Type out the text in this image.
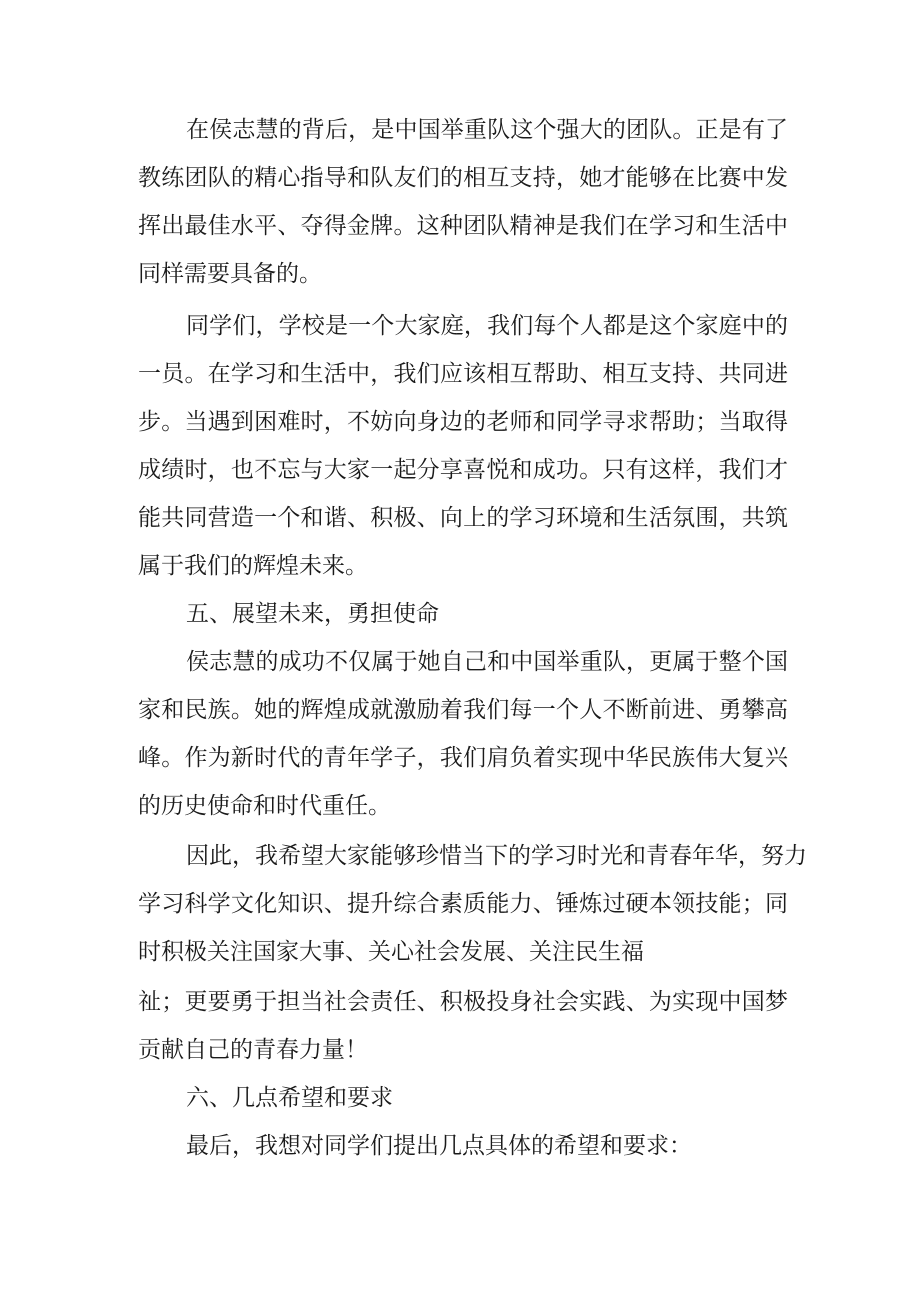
在侯志慧的背后，是中国举重队这个强大的团队。正是有了
教练团队的精心指导和队友们的相互支持，她才能够在比赛中发
挥出最佳水平、夺得金牌。这种团队精神是我们在学习和生活中
同样需要具备的。
同学们，学校是一个大家庭，我们每个人都是这个家庭中的
一员。在学习和生活中，我们应该相互帮助、相互支持、共同进
步。当遇到困难时，不妨向身边的老师和同学寻求帮助；当取得
成绩时，也不忘与大家一起分享喜悦和成功。只有这样，我们才
能共同营造一个和谐、积极、向上的学习环境和生活氛围，共筑
属于我们的辉煌未来。
五、展望未来，勇担使命
侯志慧的成功不仅属于她自己和中国举重队，更属于整个国
家和民族。她的辉煌成就激励着我们每一个人不断前进、勇攀高
峰。作为新时代的青年学子，我们肩负着实现中华民族伟大复兴
的历史使命和时代重任。
因此，我希望大家能够珍惜当下的学习时光和青春年华，努力
学习科学文化知识、提升综合素质能力、锤炼过硬本领技能；同
时积极关注国家大事、关心社会发展、关注民生福
祉；更要勇于担当社会责任、积极投身社会实践、为实现中国梦
贡献自己的青春力量！
六、几点希望和要求
最后，我想对同学们提出几点具体的希望和要求：
